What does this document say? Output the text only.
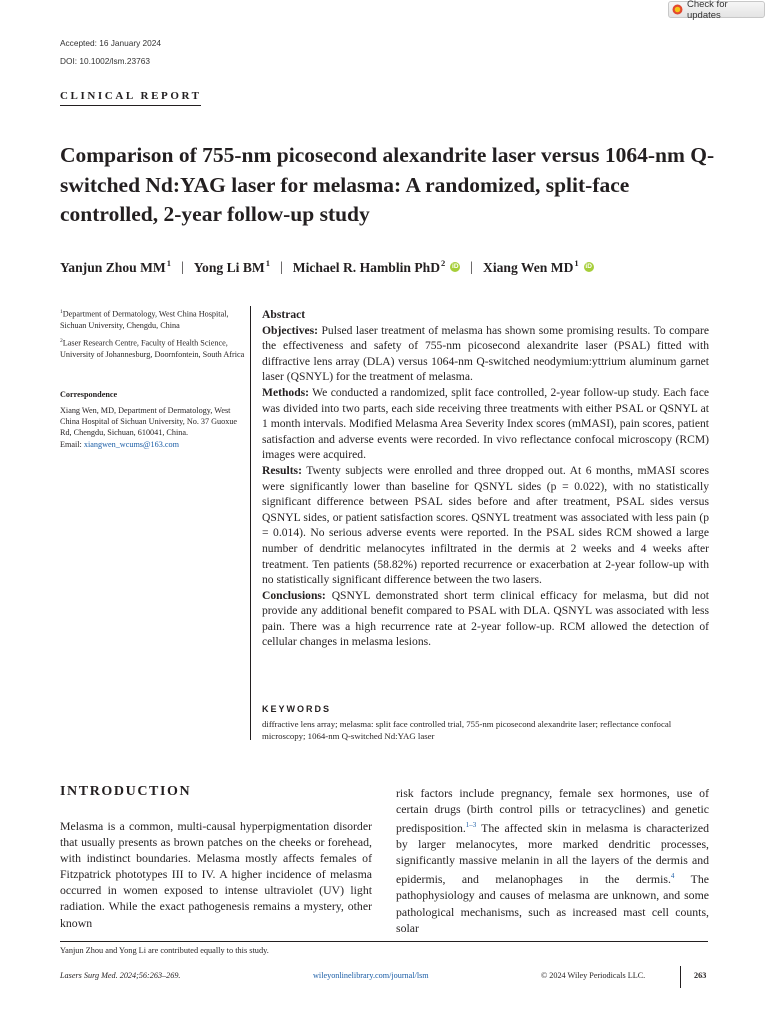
Check for updates
Accepted: 16 January 2024
DOI: 10.1002/lsm.23763
CLINICAL REPORT
Comparison of 755-nm picosecond alexandrite laser versus 1064-nm Q-switched Nd:YAG laser for melasma: A randomized, split-face controlled, 2-year follow-up study
Yanjun Zhou $MM^1$ | Yong Li $BM^1$ | Michael R. Hamblin PhD$^2$ iD | Xiang Wen $MD^1$ iD
$^1$Department of Dermatology, West China Hospital, Sichuan University, Chengdu, China
$^2$Laser Research Centre, Faculty of Health Science, University of Johannesburg, Doornfontein, South Africa
Correspondence
Xiang Wen, MD, Department of Dermatology, West China Hospital of Sichuan University, No. 37 Guoxue Rd, Chengdu, Sichuan, 610041, China.
Email: xiangwen_wcums@163.com

Abstract

Objectives: Pulsed laser treatment of melasma has shown some promising results. To compare the effectiveness and safety of 755-nm picosecond alexandrite laser (PSAL) fitted with diffractive lens array (DLA) versus 1064-nm Q-switched neodymium:yttrium aluminum garnet laser (QSNYL) for the treatment of melasma.

Methods: We conducted a randomized, split face controlled, 2-year follow-up study. Each face was divided into two parts, each side receiving three treatments with either PSAL or QSNYL at 1 month intervals. Modified Melasma Area Severity Index scores (mMASI), pain scores, patient satisfaction and adverse events were recorded. In vivo reflectance confocal microscopy (RCM) images were acquired.

Results: Twenty subjects were enrolled and three dropped out. At 6 months, mMASI scores were significantly lower than baseline for QSNYL sides (p = 0.022), with no statistically significant difference between PSAL sides before and after treatment, PSAL sides versus QSNYL sides, or patient satisfaction scores. QSNYL treatment was associated with less pain (p = 0.014). No serious adverse events were reported. In the PSAL sides RCM showed a large number of dendritic melanocytes infiltrated in the dermis at 2 weeks and 4 weeks after treatment. Ten patients (58.82%) reported recurrence or exacerbation at 2-year follow-up with no statistically significant difference between the two lasers.

Conclusions: QSNYL demonstrated short term clinical efficacy for melasma, but did not provide any additional benefit compared to PSAL with DLA. QSNYL was associated with less pain. There was a high recurrence rate at 2-year follow-up. RCM allowed the detection of cellular changes in melasma lesions.

KEYWORDS
diffractive lens array; melasma: split face controlled trial, 755-nm picosecond alexandrite laser; reflectance confocal microscopy; 1064-nm Q-switched Nd:YAG laser
INTRODUCTION

Melasma is a common, multi-causal hyperpigmentation disorder that usually presents as brown patches on the cheeks or forehead, with indistinct boundaries. Melasma mostly affects females of Fitzpatrick phototypes III to IV. A higher incidence of melasma occurred in women exposed to intense ultraviolet (UV) light radiation. While the exact pathogenesis remains a mystery, other known

risk factors include pregnancy, female sex hormones, use of certain drugs (birth control pills or tetracyclines) and genetic predisposition.$^{1-3}$ The affected skin in melasma is characterized by larger melanocytes, more marked dendritic processes, significantly massive melanin in all the layers of the dermis and epidermis, and melanophages in the dermis.$^4$ The pathophysiology and causes of melasma are unknown, and some pathological mechanisms, such as increased mast cell counts, solar

Yanjun Zhou and Yong Li are contributed equally to this study.
Lasers Surg Med. 2024;56:263–269.	wileyonlinelibrary.com/journal/lsm	© 2024 Wiley Periodicals LLC.	263
